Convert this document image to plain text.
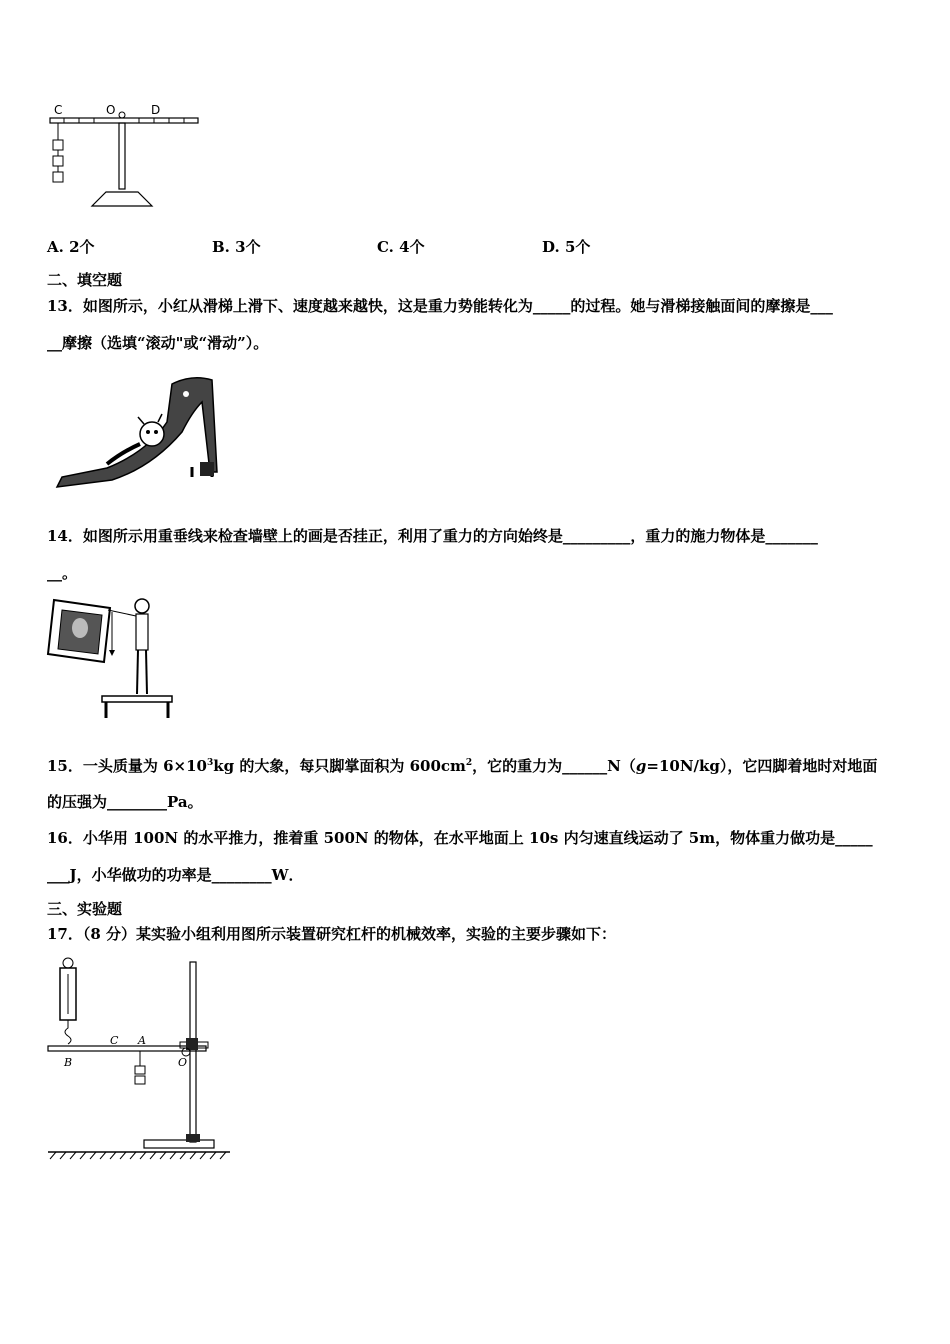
C	O	D
A. 2个	B. 3个	C. 4个	D. 5个
二、填空题
13．如图所示，小红从滑梯上滑下、速度越来越快，这是重力势能转化为_____的过程。她与滑梯接触面间的摩擦是___
__摩擦（选填“滚动"或“滑动”）。
14．如图所示用重垂线来检查墙壁上的画是否挂正，利用了重力的方向始终是_________，重力的施力物体是_______
__。
15．一头质量为 $6\times 10^3kg$ 的大象，每只脚掌面积为 $600cm^2$，它的重力为______N（g=10N/kg），它四脚着地时对地面
的压强为________Pa。
16．小华用 100N 的水平推力，推着重 500N 的物体，在水平地面上 10s 内匀速直线运动了 5m，物体重力做功是_____
___J，小华做功的功率是________W．
三、实验题
17．（8 分）某实验小组利用图所示装置研究杠杆的机械效率，实验的主要步骤如下：
B
C A
O
